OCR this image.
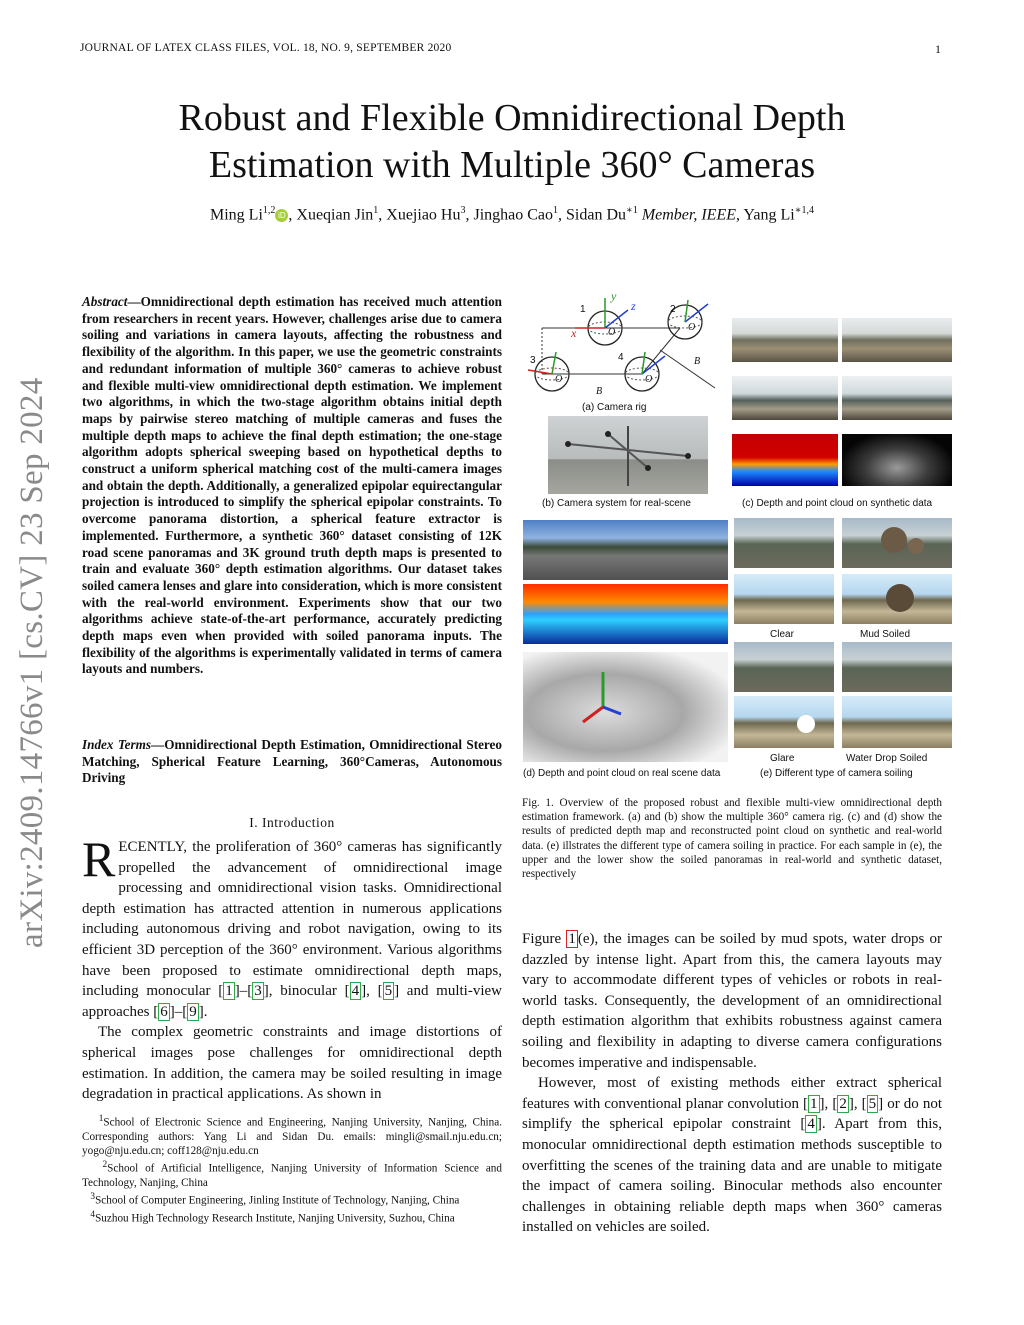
JOURNAL OF LATEX CLASS FILES, VOL. 18, NO. 9, SEPTEMBER 2020	1
arXiv:2409.14766v1 [cs.CV] 23 Sep 2024
Robust and Flexible Omnidirectional Depth
Estimation with Multiple 360° Cameras
Ming Li$^{1,2}$ iD , Xueqian Jin$^1$, Xuejiao Hu$^3$, Jinghao Cao$^1$, Sidan $Du^{∗1}$ Member, IEEE, Yang $Li^{∗1,4}$
Abstract—Omnidirectional depth estimation has received much attention from researchers in recent years. However, challenges arise due to camera soiling and variations in camera layouts, affecting the robustness and flexibility of the algorithm. In this paper, we use the geometric constraints and redundant information of multiple 360° cameras to achieve robust and flexible multi-view omnidirectional depth estimation. We implement two algorithms, in which the two-stage algorithm obtains initial depth maps by pairwise stereo matching of multiple cameras and fuses the multiple depth maps to achieve the final depth estimation; the one-stage algorithm adopts spherical sweeping based on hypothetical depths to construct a uniform spherical matching cost of the multi-camera images and obtain the depth. Additionally, a generalized epipolar equirectangular projection is introduced to simplify the spherical epipolar constraints. To overcome panorama distortion, a spherical feature extractor is implemented. Furthermore, a synthetic 360° dataset consisting of 12K road scene panoramas and 3K ground truth depth maps is presented to train and evaluate 360° depth estimation algorithms. Our dataset takes soiled camera lenses and glare into consideration, which is more consistent with the real-world environment. Experiments show that our two algorithms achieve state-of-the-art performance, accurately predicting depth maps even when provided with soiled panorama inputs. The flexibility of the algorithms is experimentally validated in terms of camera layouts and numbers.
Index Terms—Omnidirectional Depth Estimation, Omnidirectional Stereo Matching, Spherical Feature Learning, 360°Cameras, Autonomous Driving
I. Introduction

RECENTLY, the proliferation of 360° cameras has significantly propelled the advancement of omnidirectional image processing and omnidirectional vision tasks. Omnidirectional depth estimation has attracted attention in numerous applications including autonomous driving and robot navigation, owing to its efficient 3D perception of the 360° environment. Various algorithms have been proposed to estimate omnidirectional depth maps, including monocular [ 1 ]–[ 3 ], binocular [ 4 ], [ 5 ] and multi-view approaches [ 6 ]–[ 9 ].

The complex geometric constraints and image distortions of spherical images pose challenges for omnidirectional depth estimation. In addition, the camera may be soiled resulting in image degradation in practical applications. As shown in

$^1$School of Electronic Science and Engineering, Nanjing University, Nanjing, China. Corresponding authors: Yang Li and Sidan Du. emails: mingli@smail.nju.edu.cn; yogo@nju.edu.cn; coff128@nju.edu.cn

$^2$School of Artificial Intelligence, Nanjing University of Information Science and Technology, Nanjing, China

$^3$School of Computer Engineering, Jinling Institute of Technology, Nanjing, China

$^4$Suzhou High Technology Research Institute, Nanjing University, Suzhou, China

y
z
x
1	2
3	4
O	O
O	O
B
B
(a) Camera rig
(b) Camera system for real-scene	(c) Depth and point cloud on synthetic data
(d) Depth and point cloud on real scene data
Clear	Mud Soiled
Glare	Water Drop Soiled
(e) Different type of camera soiling
Fig. 1. Overview of the proposed robust and flexible multi-view omnidirectional depth estimation framework. (a) and (b) show the multiple 360° camera rig. (c) and (d) show the results of predicted depth map and reconstructed point cloud on synthetic and real-world data. (e) illstrates the different type of camera soiling in practice. For each sample in (e), the upper and the lower show the soiled panoramas in real-world and synthetic dataset, respectively

Figure 1 (e), the images can be soiled by mud spots, water drops or dazzled by intense light. Apart from this, the camera layouts may vary to accommodate different types of vehicles or robots in real-world tasks. Consequently, the development of an omnidirectional depth estimation algorithm that exhibits robustness against camera soiling and flexibility in adapting to diverse camera configurations becomes imperative and indispensable.

However, most of existing methods either extract spherical features with conventional planar convolution [ 1 ], [ 2 ], [ 5 ] or do not simplify the spherical epipolar constraint [ 4 ]. Apart from this, monocular omnidirectional depth estimation methods susceptible to overfitting the scenes of the training data and are unable to mitigate the impact of camera soiling. Binocular methods also encounter challenges in obtaining reliable depth maps when 360° cameras installed on vehicles are soiled.
